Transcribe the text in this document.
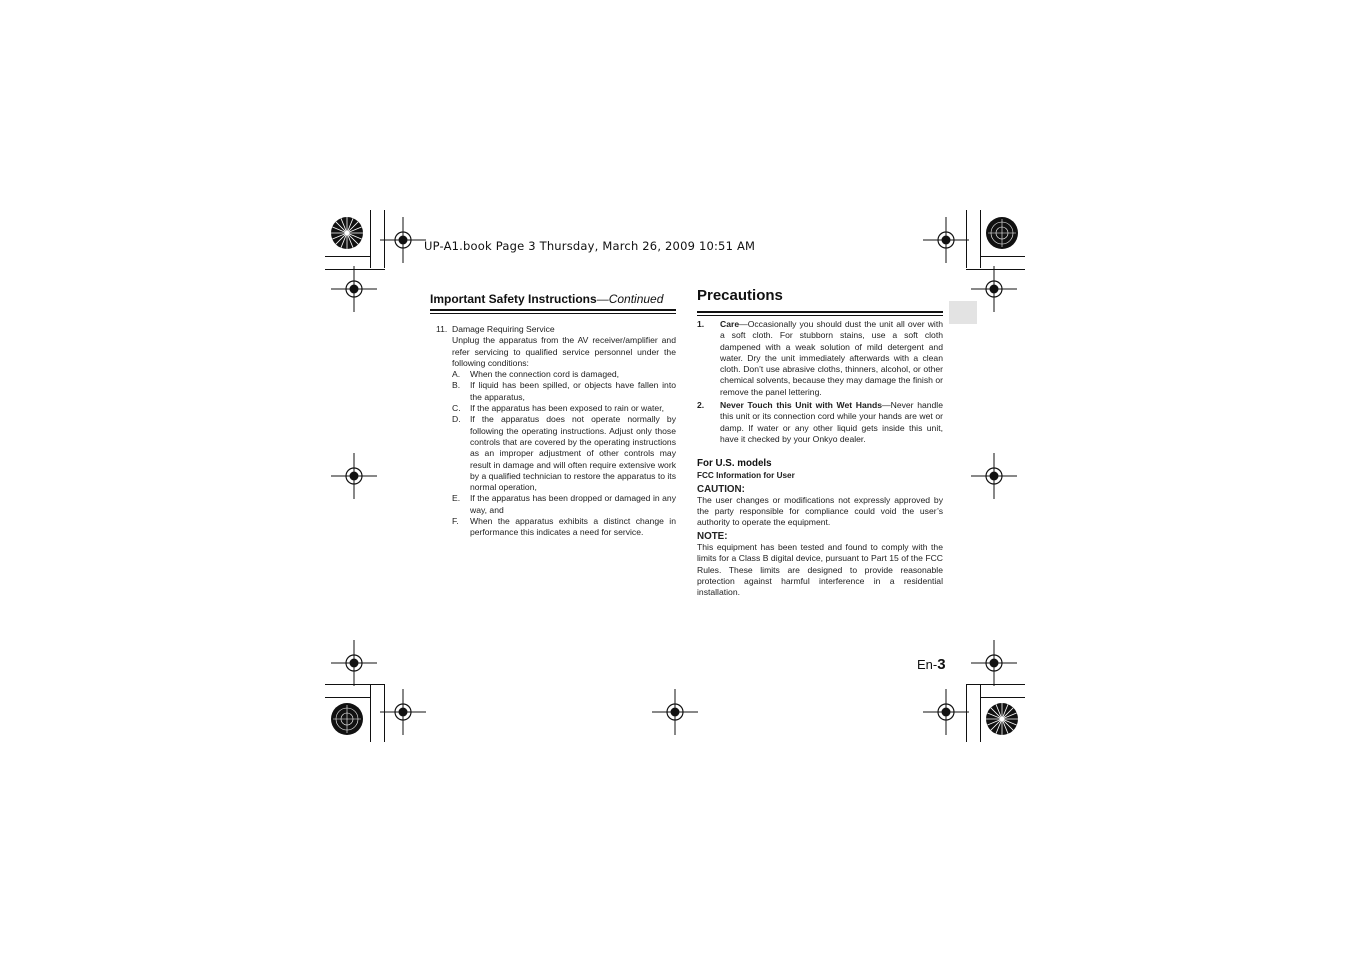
UP-A1.book Page 3 Thursday, March 26, 2009 10:51 AM
Important Safety Instructions—Continued
11. Damage Requiring Service
Unplug the apparatus from the AV receiver/amplifier and refer servicing to qualified service personnel under the following conditions:
A. When the connection cord is damaged,
B. If liquid has been spilled, or objects have fallen into the apparatus,
C. If the apparatus has been exposed to rain or water,
D. If the apparatus does not operate normally by following the operating instructions. Adjust only those controls that are covered by the operating instructions as an improper adjustment of other controls may result in damage and will often require extensive work by a qualified technician to restore the apparatus to its normal operation,
E. If the apparatus has been dropped or damaged in any way, and
F. When the apparatus exhibits a distinct change in performance this indicates a need for service.
Precautions
1. Care—Occasionally you should dust the unit all over with a soft cloth. For stubborn stains, use a soft cloth dampened with a weak solution of mild detergent and water. Dry the unit immediately afterwards with a clean cloth. Don’t use abrasive cloths, thinners, alcohol, or other chemical solvents, because they may damage the finish or remove the panel lettering.
2. Never Touch this Unit with Wet Hands—Never handle this unit or its connection cord while your hands are wet or damp. If water or any other liquid gets inside this unit, have it checked by your Onkyo dealer.
For U.S. models
FCC Information for User
CAUTION:
The user changes or modifications not expressly approved by the party responsible for compliance could void the user’s authority to operate the equipment.
NOTE:
This equipment has been tested and found to comply with the limits for a Class B digital device, pursuant to Part 15 of the FCC Rules. These limits are designed to provide reasonable protection against harmful interference in a residential installation.
En-3
